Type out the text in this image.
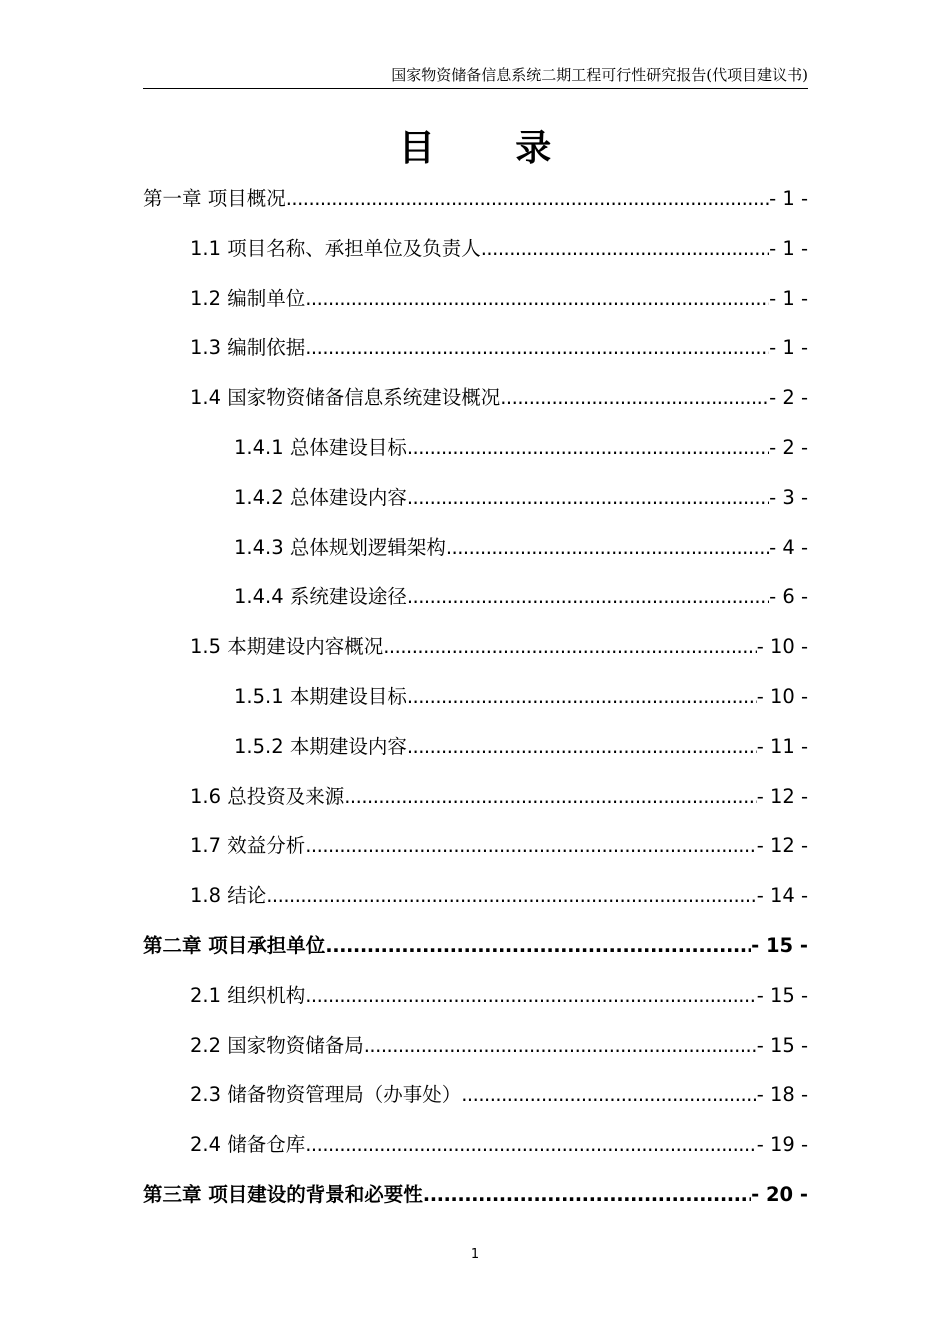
国家物资储备信息系统二期工程可行性研究报告(代项目建议书)
目 录
第一章 项目概况 .....	- 1 -
1.1 项目名称、承担单位及负责人 .....	- 1 -
1.2 编制单位 .....	- 1 -
1.3 编制依据 .....	- 1 -
1.4 国家物资储备信息系统建设概况 .....	- 2 -
1.4.1 总体建设目标 .....	- 2 -
1.4.2 总体建设内容 .....	- 3 -
1.4.3 总体规划逻辑架构 .....	- 4 -
1.4.4 系统建设途径 .....	- 6 -
1.5 本期建设内容概况 .....	- 10 -
1.5.1 本期建设目标 .....	- 10 -
1.5.2 本期建设内容 .....	- 11 -
1.6 总投资及来源 .....	- 12 -
1.7 效益分析 .....	- 12 -
1.8 结论 .....	- 14 -
第二章 项目承担单位 .....	- 15 -
2.1 组织机构 .....	- 15 -
2.2 国家物资储备局 .....	- 15 -
2.3 储备物资管理局（办事处） .....	- 18 -
2.4 储备仓库 .....	- 19 -
第三章 项目建设的背景和必要性 .....	- 20 -
1
